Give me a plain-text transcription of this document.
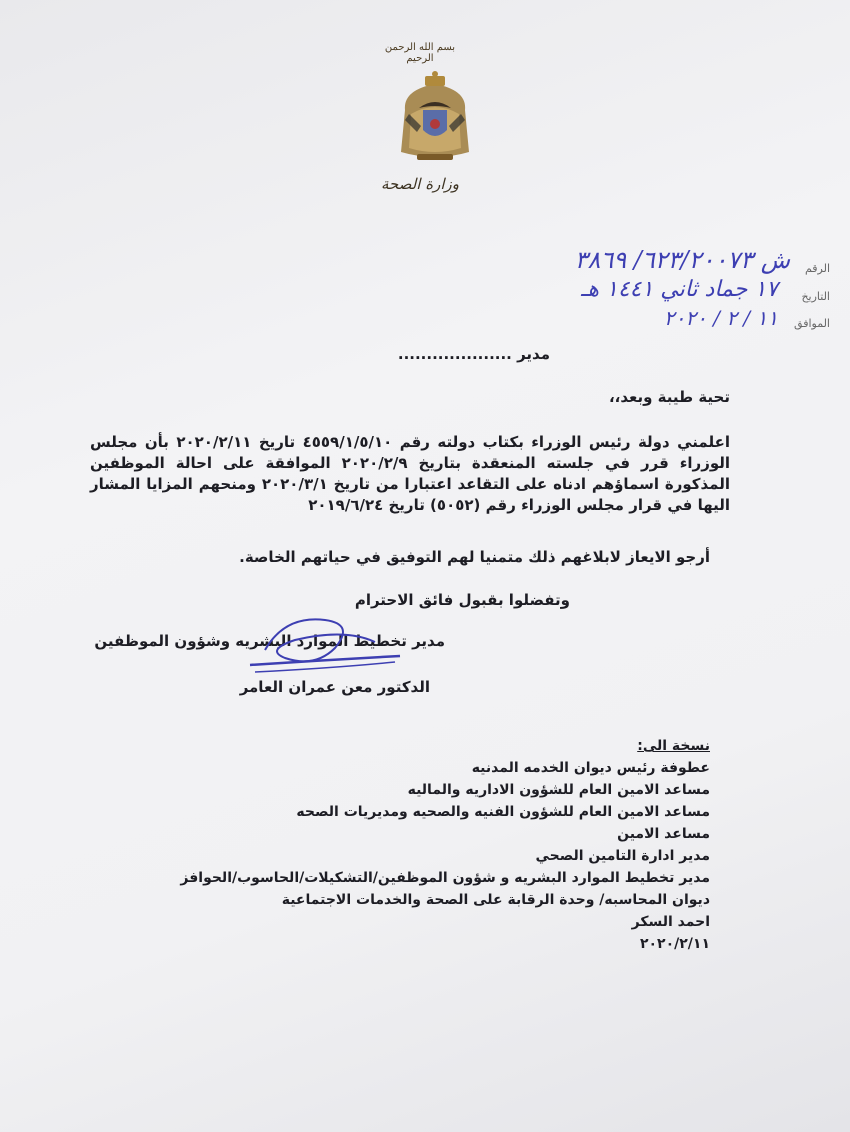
بسم الله الرحمن الرحيم
وزارة الصحة
الرقم
ش ٦٢٣/٢٠٠٧٣/ ٣٨٦٩
التاريخ
١٧ جماد ثاني ١٤٤١ هـ
الموافق
١١ / ٢ / ٢٠٢٠
مدير ....................
تحية طيبة وبعد،،
اعلمني دولة رئيس الوزراء بكتاب دولته رقم ٤٥٥٩/١/٥/١٠ تاريخ ٢٠٢٠/٢/١١ بأن مجلس الوزراء قرر في جلسته المنعقدة بتاريخ ٢٠٢٠/٢/٩ الموافقة على احالة الموظفين المذكورة اسماؤهم ادناه على التقاعد اعتبارا من تاريخ ٢٠٢٠/٣/١ ومنحهم المزايا المشار اليها في قرار مجلس الوزراء رقم (٥٠٥٢) تاريخ ٢٠١٩/٦/٢٤
أرجو الايعاز لابلاغهم ذلك متمنيا لهم التوفيق في حياتهم الخاصة.
وتفضلوا بقبول فائق الاحترام
مدير تخطيط الموارد البشريه وشؤون الموظفين
الدكتور معن عمران العامر
نسخة الى:
عطوفة رئيس ديوان الخدمه المدنيه
مساعد الامين العام للشؤون الاداريه والماليه
مساعد الامين العام للشؤون الفنيه والصحيه ومديريات الصحه
مساعد الامين
مدير ادارة التامين الصحي
مدير تخطيط الموارد البشريه و شؤون الموظفين/التشكيلات/الحاسوب/الحوافز
ديوان المحاسبه/ وحدة الرقابة على الصحة والخدمات الاجتماعية
احمد السكر
٢٠٢٠/٢/١١
